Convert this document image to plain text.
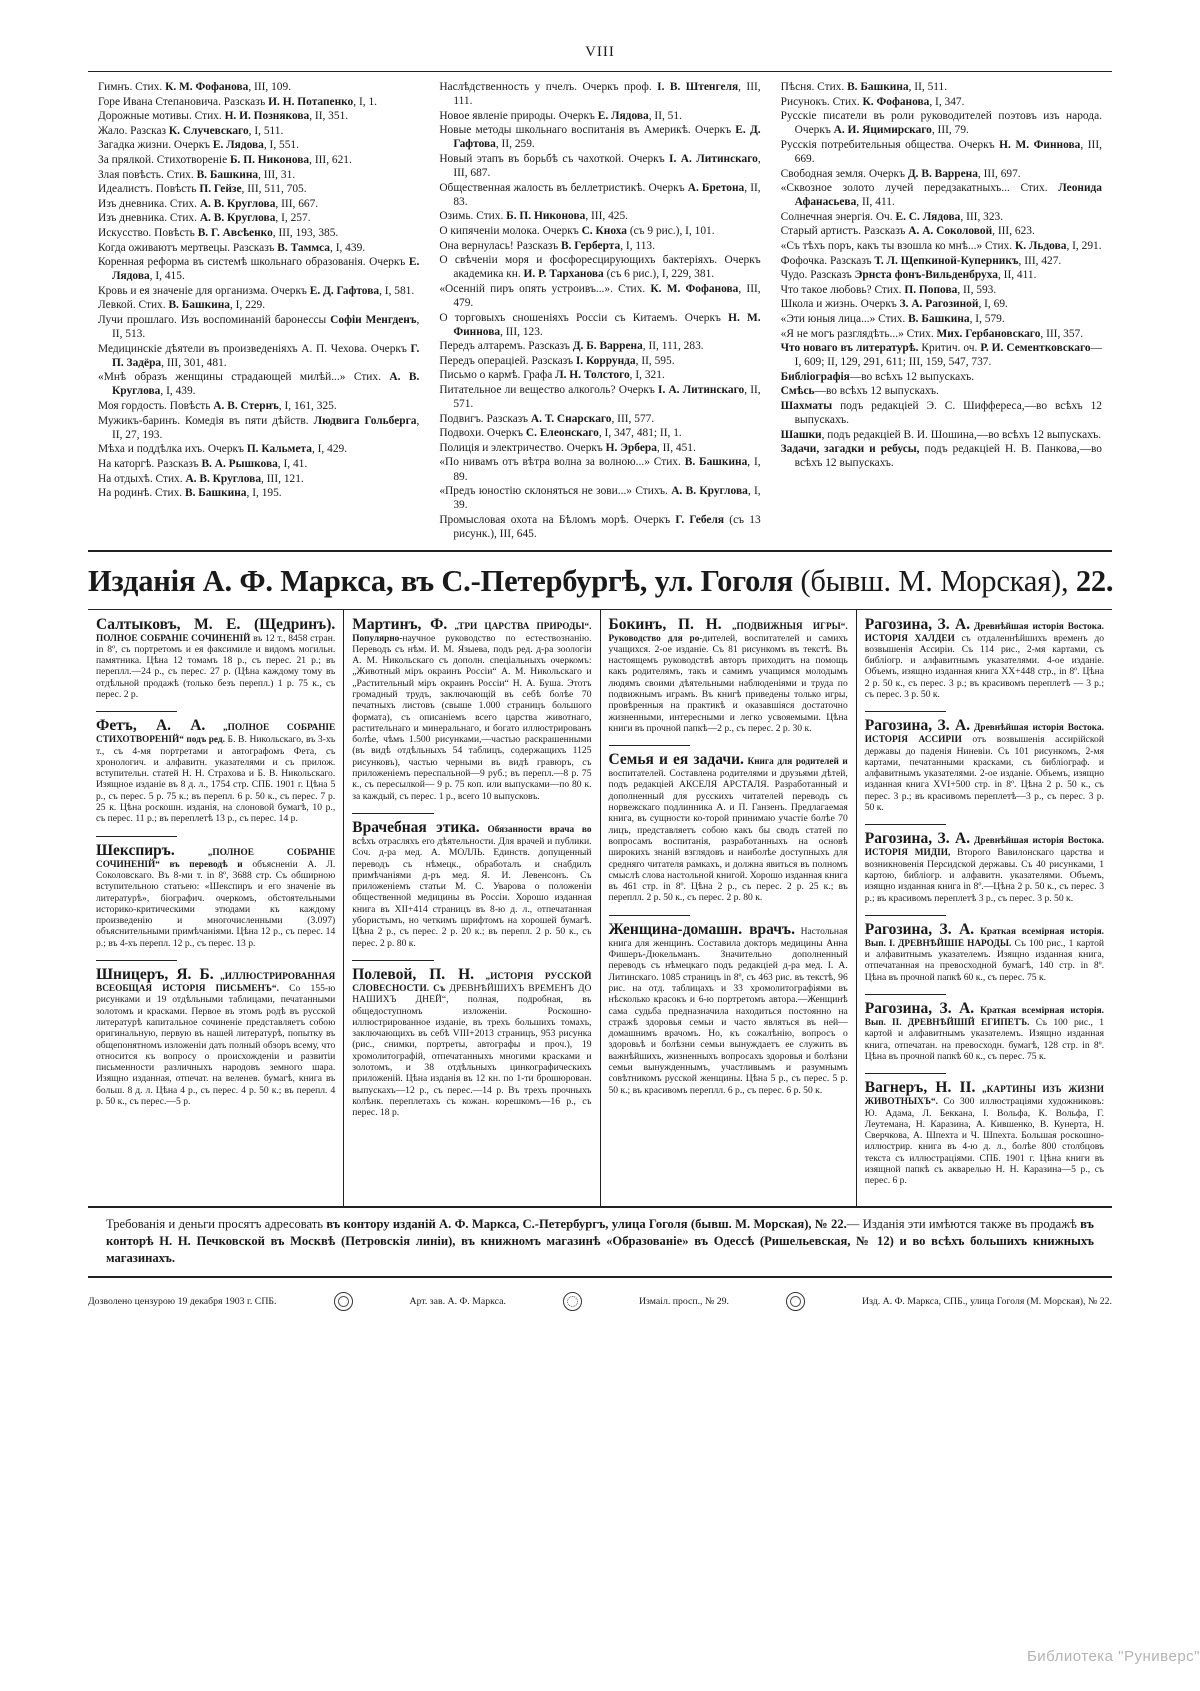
VIII

Гимнъ. Стих. К. М. Фофанова, III, 109.

Горе Ивана Степановича. Разсказъ И. Н. Потапенко, I, 1.

Дорожные мотивы. Стих. Н. И. Познякова, II, 351.

Жало. Разсказ К. Случевскаго, I, 511.

Загадка жизни. Очеркъ Е. Лядова, I, 551.

За прялкой. Стихотвореніе Б. П. Никонова, III, 621.

Злая повѣсть. Стих. В. Башкина, III, 31.

Идеалистъ. Повѣсть П. Гейзе, III, 511, 705.

Изъ дневника. Стих. А. В. Круглова, III, 667.

Изъ дневника. Стих. А. В. Круглова, I, 257.

Искусство. Повѣсть В. Г. Авсѣенко, III, 193, 385.

Когда оживаютъ мертвецы. Разсказъ В. Таммса, I, 439.

Коренная реформа въ системѣ школьнаго образованія. Очеркъ Е. Лядова, I, 415.

Кровь и ея значеніе для организма. Очеркъ Е. Д. Гафтова, I, 581.

Левкой. Стих. В. Башкина, I, 229.

Лучи прошлаго. Изъ воспоминаній баронессы Софіи Менгденъ, II, 513.

Медицинскіе дѣятели въ произведеніяхъ А. П. Чехова. Очеркъ Г. П. Задёра, III, 301, 481.

«Мнѣ образъ женщины страдающей милѣй...» Стих. А. В. Круглова, I, 439.

Моя гордость. Повѣсть А. В. Стернъ, I, 161, 325.

Мужикъ-баринъ. Комедія въ пяти дѣйств. Людвига Гольберга, II, 27, 193.

Мѣха и поддѣлка ихъ. Очеркъ П. Кальмета, I, 429.

На каторгѣ. Разсказъ В. А. Рышкова, I, 41.

На отдыхѣ. Стих. А. В. Круглова, III, 121.

На родинѣ. Стих. В. Башкина, I, 195.

Наслѣдственность у пчелъ. Очеркъ проф. І. В. Штенгеля, III, 111.

Новое явленіе природы. Очеркъ Е. Лядова, II, 51.

Новые методы школьнаго воспитанія въ Америкѣ. Очеркъ Е. Д. Гафтова, II, 259.

Новый этапъ въ борьбѣ съ чахоткой. Очеркъ І. А. Литинскаго, III, 687.

Общественная жалость въ беллетристикѣ. Очеркъ А. Бретона, II, 83.

Озимь. Стих. Б. П. Никонова, III, 425.

О кипяченіи молока. Очеркъ С. Кноха (съ 9 рис.), I, 101.

Она вернулась! Разсказъ В. Герберта, I, 113.

О свѣченіи моря и фосфоресцирующихъ бактеріяхъ. Очеркъ академика кн. И. Р. Тарханова (съ 6 рис.), I, 229, 381.

«Осенній пиръ опять устроивъ...». Стих. К. М. Фофанова, III, 479.

О торговыхъ сношеніяхъ Россіи съ Китаемъ. Очеркъ Н. М. Финнова, III, 123.

Передъ алтаремъ. Разсказъ Д. Б. Варрена, II, 111, 283.

Передъ операціей. Разсказъ І. Коррунда, II, 595.

Письмо о кармѣ. Графа Л. Н. Толстого, I, 321.

Питательное ли вещество алкоголь? Очеркъ І. А. Литинскаго, II, 571.

Подвигъ. Разсказъ А. Т. Снарскаго, III, 577.

Подвохи. Очеркъ С. Елеонскаго, I, 347, 481; II, 1.

Полиція и электричество. Очеркъ Н. Эрбера, II, 451.

«По нивамъ отъ вѣтра волна за волною...» Стих. В. Башкина, I, 89.

«Предъ юностію склоняться не зови...» Стихъ. А. В. Круглова, I, 39.

Промысловая охота на Бѣломъ морѣ. Очеркъ Г. Гебеля (съ 13 рисунк.), III, 645.

Пѣсня. Стих. В. Башкина, II, 511.

Рисунокъ. Стих. К. Фофанова, I, 347.

Русскіе писатели въ роли руководителей поэтовъ изъ народа. Очеркъ А. И. Яцимирскаго, III, 79.

Русскія потребительныя общества. Очеркъ Н. М. Финнова, III, 669.

Свободная земля. Очеркъ Д. В. Варрена, III, 697.

«Сквозное золото лучей передзакатныхъ... Стих. Леонида Афанасьева, II, 411.

Солнечная энергія. Оч. Е. С. Лядова, III, 323.

Старый артистъ. Разсказъ А. А. Соколовой, III, 623.

«Съ тѣхъ поръ, какъ ты взошла ко мнѣ...» Стих. К. Льдова, I, 291.

Фофочка. Разсказъ Т. Л. Щепкиной-Куперникъ, III, 427.

Чудо. Разсказъ Эрнста фонъ-Вильденбруха, II, 411.

Что такое любовь? Стих. П. Попова, II, 593.

Школа и жизнь. Очеркъ З. А. Рагозиной, I, 69.

«Эти юныя лица...» Стих. В. Башкина, I, 579.

«Я не могъ разглядѣть...» Стих. Мих. Гербановскаго, III, 357.

Что новаго въ литературѣ. Критич. оч. Р. И. Сементковскаго—I, 609; II, 129, 291, 611; III, 159, 547, 737.

Библіографія—во всѣхъ 12 выпускахъ.

Смѣсь—во всѣхъ 12 выпускахъ.

Шахматы подъ редакціей Э. С. Шиффереса,—во всѣхъ 12 выпускахъ.

Шашки, подъ редакціей В. И. Шошина,—во всѣхъ 12 выпускахъ.

Задачи, загадки и ребусы, подъ редакціей Н. В. Панкова,—во всѣхъ 12 выпускахъ.

Изданія А. Ф. Маркса, въ С.-Петербургѣ, ул. Гоголя (бывш. М. Морская), 22.
Салтыковъ, М. Е. (Щедринъ). ПОЛНОЕ СОБРАНІЕ СОЧИНЕНІЙ въ 12 т., 8458 стран. in 8º, съ портретомъ и ея факсимиле и видомъ могильн. памятника. Цѣна 12 томамъ 18 р., съ перес. 21 р.; въ переплл.—24 р., съ перес. 27 р. (Цѣна каждому тому въ отдѣльной продажѣ (только безъ перепл.) 1 р. 75 к., съ перес. 2 р.
Фетъ, А. А. „ПОЛНОЕ СОБРАНІЕ СТИХОТВОРЕНІЙ“ подъ ред. Б. В. Никольскаго, въ 3-хъ т., съ 4-мя портретами и автографомъ Фета, съ хронологич. и алфавитн. указателями и съ прилож. вступительн. статей Н. Н. Страхова и Б. В. Никольскаго. Изящное изданіе въ 8 д. л., 1754 стр. СПБ. 1901 г. Цѣна 5 р., съ перес. 5 р. 75 к.; въ перепл. 6 р. 50 к., съ перес. 7 р. 25 к. Цѣна роскошн. изданія, на слоновой бумагѣ, 10 р., съ перес. 11 р.; въ переплетѣ 13 р., съ перес. 14 р.
Шекспиръ. „ПОЛНОЕ СОБРАНІЕ СОЧИНЕНІЙ“ въ переводѣ и объясненіи А. Л. Соколовскаго. Въ 8-ми т. in 8º, 3688 стр. Съ обширною вступительною статьею: «Шекспиръ и его значеніе въ литературѣ», біографич. очеркомъ, обстоятельными историко-критическими этюдами къ каждому произведенію и многочисленными (3.097) объяснительными примѣчаніями. Цѣна 12 р., съ перес. 14 р.; въ 4-хъ перепл. 12 р., съ перес. 13 р.
Шницеръ, Я. Б. „ИЛЛЮСТРИРОВАННАЯ ВСЕОБЩАЯ ИСТОРІЯ ПИСЬМЕНЪ“. Со 155-ю рисунками и 19 отдѣльными таблицами, печатанными золотомъ и красками. Первое въ этомъ родѣ въ русской литературѣ капитальное сочиненіе представляетъ собою оригинальную, первую въ нашей литературѣ, попытку въ общепонятномъ изложеніи дать полный обзоръ всему, что относится къ вопросу о происхожденіи и развитіи письменности различныхъ народовъ земного шара. Изящно изданная, отпечат. на веленев. бумагѣ, книга въ больш. 8 д. л. Цѣна 4 р., съ перес. 4 р. 50 к.; въ перепл. 4 р. 50 к., съ перес.—5 р.
Мартинъ, Ф. „ТРИ ЦАРСТВА ПРИРОДЫ“. Популярно-научное руководство по естествознанію. Переводъ съ нѣм. И. М. Языева, подъ ред. д-ра зоологіи А. М. Никольскаго съ дополн. спеціальныхъ очеркомъ: „Животный міръ окраинъ Россіи“ А. М. Никольскаго и „Растительный міръ окраинъ Россіи“ Н. А. Буша. Этотъ громадный трудъ, заключающій въ себѣ болѣе 70 печатныхъ листовъ (свыше 1.000 страницъ большого формата), съ описаніемъ всего царства животнаго, растительнаго и минеральнаго, и богато иллюстрированъ болѣе, чѣмъ 1.500 рисунками,—частью раскрашенными (въ видѣ отдѣльныхъ 54 таблицъ, содержащихъ 1125 рисунковъ), частью черными въ видѣ гравюръ, съ приложеніемъ переспальной—9 руб.; въ перепл.—8 р. 75 к., съ пересылкой— 9 р. 75 коп. или выпусками—по 80 к. за каждый, съ перес. 1 р., всего 10 выпусковъ.
Врачебная этика. Обязанности врача во всѣхъ отрасляхъ его дѣятельности. Для врачей и публики. Соч. д-ра мед. А. МОЛЛЬ. Единств. допущенный переводъ съ нѣмецк., обработалъ и снабдилъ примѣчаніями д-ръ мед. Я. И. Левенсонъ. Съ приложеніемъ статьи М. С. Уварова о положеніи общественной медицины въ Россіи. Хорошо изданная книга въ XII+414 страницъ въ 8-ю д. л., отпечатанная убористымъ, но четкимъ шрифтомъ на хорошей бумагѣ. Цѣна 2 р., съ перес. 2 р. 20 к.; въ перепл. 2 р. 50 к., съ перес. 2 р. 80 к.
Полевой, П. Н. „ИСТОРІЯ РУССКОЙ СЛОВЕСНОСТИ. Съ ДРЕВНѢЙШИХЪ ВРЕМЕНЪ ДО НАШИХЪ ДНЕЙ“, полная, подробная, въ общедоступномъ изложеніи. Роскошно-иллюстрированное изданіе, въ трехъ большихъ томахъ, заключающихъ въ себѣ VIII+2013 страницъ, 953 рисунка (рис., снимки, портреты, автографы и проч.), 19 хромолитографій, отпечатанныхъ многими красками и золотомъ, и 38 отдѣльныхъ цинкографическихъ приложеній. Цѣна изданія въ 12 кн. по 1-ти брошюрован. выпускахъ—12 р., съ перес.—14 р. Въ трехъ прочныхъ колѣнк. переплетахъ съ кожан. корешкомъ—16 р., съ перес. 18 р.
Бокинъ, П. Н. „ПОДВИЖНЫЯ ИГРЫ“. Руководство для ро-дителей, воспитателей и самихъ учащихся. 2-ое изданіе. Съ 81 рисункомъ въ текстѣ. Въ настоящемъ руководствѣ авторъ приходитъ на помощь какъ родителямъ, такъ и самимъ учащимся молодымъ людямъ своими дѣятельными наблюденіями и труда по подвижнымъ играмъ. Въ книгѣ приведены только игры, провѣренныя на практикѣ и оказавшіяся достаточно жизненными, интересными и легко усвояемыми. Цѣна книги въ прочной папкѣ—2 р., съ перес. 2 р. 30 к.
Семья и ея задачи. Книга для родителей и воспитателей. Составлена родителями и друзьями дѣтей, подъ редакціей АКСЕЛЯ АРСТАЛЯ. Разработанный и дополненный для русскихъ читателей переводъ съ норвежскаго подлинника А. и П. Ганзенъ. Предлагаемая книга, въ сущности ко-торой принимаю участіе болѣе 70 лицъ, представляетъ собою какъ бы сводъ статей по вопросамъ воспитанія, разработанныхъ на основѣ широкихъ знаній взглядовъ и наиболѣе доступныхъ для средняго читателя рамкахъ, и должна явиться въ полномъ смыслѣ слова настольной книгой. Хорошо изданная книга въ 461 стр. in 8º. Цѣна 2 р., съ перес. 2 р. 25 к.; въ переплл. 2 р. 50 к., съ перес. 2 р. 80 к.
Женщина-домашн. врачъ. Настольная книга для женщинъ. Составила докторъ медицины Анна Фишеръ-Дюкельманъ. Значительно дополненный переводъ съ нѣмецкаго подъ редакціей д-ра мед. І. А. Литинскаго. 1085 страницъ in 8º, съ 463 рис. въ текстѣ, 96 рис. на отд. таблицахъ и 33 хромолитографіями въ нѣсколько красокъ и 6-ю портретомъ автора.—Женщинѣ сама судьба предназначила находиться постоянно на стражѣ здоровья семьи и часто являться въ ней—домашнимъ врачомъ. Но, къ сожалѣнію, вопросъ о здоровьѣ и болѣзни семьи вынуждаетъ ее служить въ важнѣйшихъ, жизненныхъ вопросахъ здоровья и болѣзни семьи вынужденнымъ, участливымъ и разумнымъ совѣтникомъ русской женщины. Цѣна 5 р., съ перес. 5 р. 50 к.; въ красивомъ переплл. 6 р., съ перес. 6 р. 50 к.
Рагозина, З. А. Древнѣйшая исторія Востока. ИСТОРІЯ ХАЛДЕИ съ отдаленнѣйшихъ временъ до возвышенія Ассиріи. Съ 114 рис., 2-мя картами, съ библіогр. и алфавитнымъ указателями. 4-ое изданіе. Объемъ, изящно изданная книга XX+448 стр., in 8º. Цѣна 2 р. 50 к., съ перес. 3 р.; въ красивомъ переплетѣ — 3 р.; съ перес. 3 р. 50 к.
Рагозина, З. А. Древнѣйшая исторія Востока. ИСТОРІЯ АССИРІИ отъ возвышенія ассирійской державы до паденія Ниневіи. Съ 101 рисункомъ, 2-мя картами, печатанными красками, съ библіограф. и алфавитнымъ указателями. 2-ое изданіе. Объемъ, изящно изданная книга XVI+500 стр. in 8º. Цѣна 2 р. 50 к., съ перес. 3 р.; въ красивомъ переплетѣ—3 р., съ перес. 3 р. 50 к.
Рагозина, З. А. Древнѣйшая исторія Востока. ИСТОРІЯ МИДІИ, Второго Вавилонскаго царства и возникновенія Персидской державы. Съ 40 рисунками, 1 картою, библіогр. и алфавитн. указателями. Объемъ, изящно изданная книга in 8º.—Цѣна 2 р. 50 к., съ перес. 3 р.; въ красивомъ переплетѣ 3 р., съ перес. 3 р. 50 к.
Рагозина, З. А. Краткая всемірная исторія. Вып. І. ДРЕВНѢЙШІЕ НАРОДЫ. Съ 100 рис., 1 картой и алфавитнымъ указателемъ. Изящно изданная книга, отпечатанная на превосходной бумагѣ, 140 стр. in 8º. Цѣна въ прочной папкѣ 60 к., съ перес. 75 к.
Рагозина, З. А. Краткая всемірная исторія. Вып. ІІ. ДРЕВНѢЙШІЙ ЕГИПЕТЪ. Съ 100 рис., 1 картой и алфавитнымъ указателемъ. Изящно изданная книга, отпечатан. на превосходн. бумагѣ, 128 стр. in 8º. Цѣна въ прочной папкѣ 60 к., съ перес. 75 к.
Вагнеръ, Н. ІІ. „КАРТИНЫ ИЗЪ ЖИЗНИ ЖИВОТНЫХЪ“. Со 300 иллюстраціями художниковъ: Ю. Адама, Л. Беккана, І. Вольфа, К. Вольфа, Г. Леутемана, Н. Каразина, А. Кившенко, В. Кунерта, Н. Сверчкова, А. Шпехта и Ч. Шпехта. Большая роскошно-иллюстрир. книга въ 4-ю д. л., болѣе 800 столбцовъ текста съ иллюстраціями. СПБ. 1901 г. Цѣна книги въ изящной папкѣ съ акварелью Н. Н. Каразина—5 р., съ перес. 6 р.
Требованія и деньги просятъ адресовать въ контору изданій А. Ф. Маркса, С.-Петербургъ, улица Гоголя (бывш. М. Морская), № 22.— Изданія эти имѣются также въ продажѣ въ конторѣ Н. Н. Печковской въ Москвѣ (Петровскія линіи), въ книжномъ магазинѣ «Образованіе» въ Одессѣ (Ришельевская, № 12) и во всѣхъ большихъ книжныхъ магазинахъ.
Дозволено цензурою 19 декабря 1903 г. СПБ.	Арт. зав. А. Ф. Маркса.	Измаіл. просп., № 29.	Изд. А. Ф. Маркса, СПБ., улица Гоголя (М. Морская), № 22.
Библиотека "Руниверс"
